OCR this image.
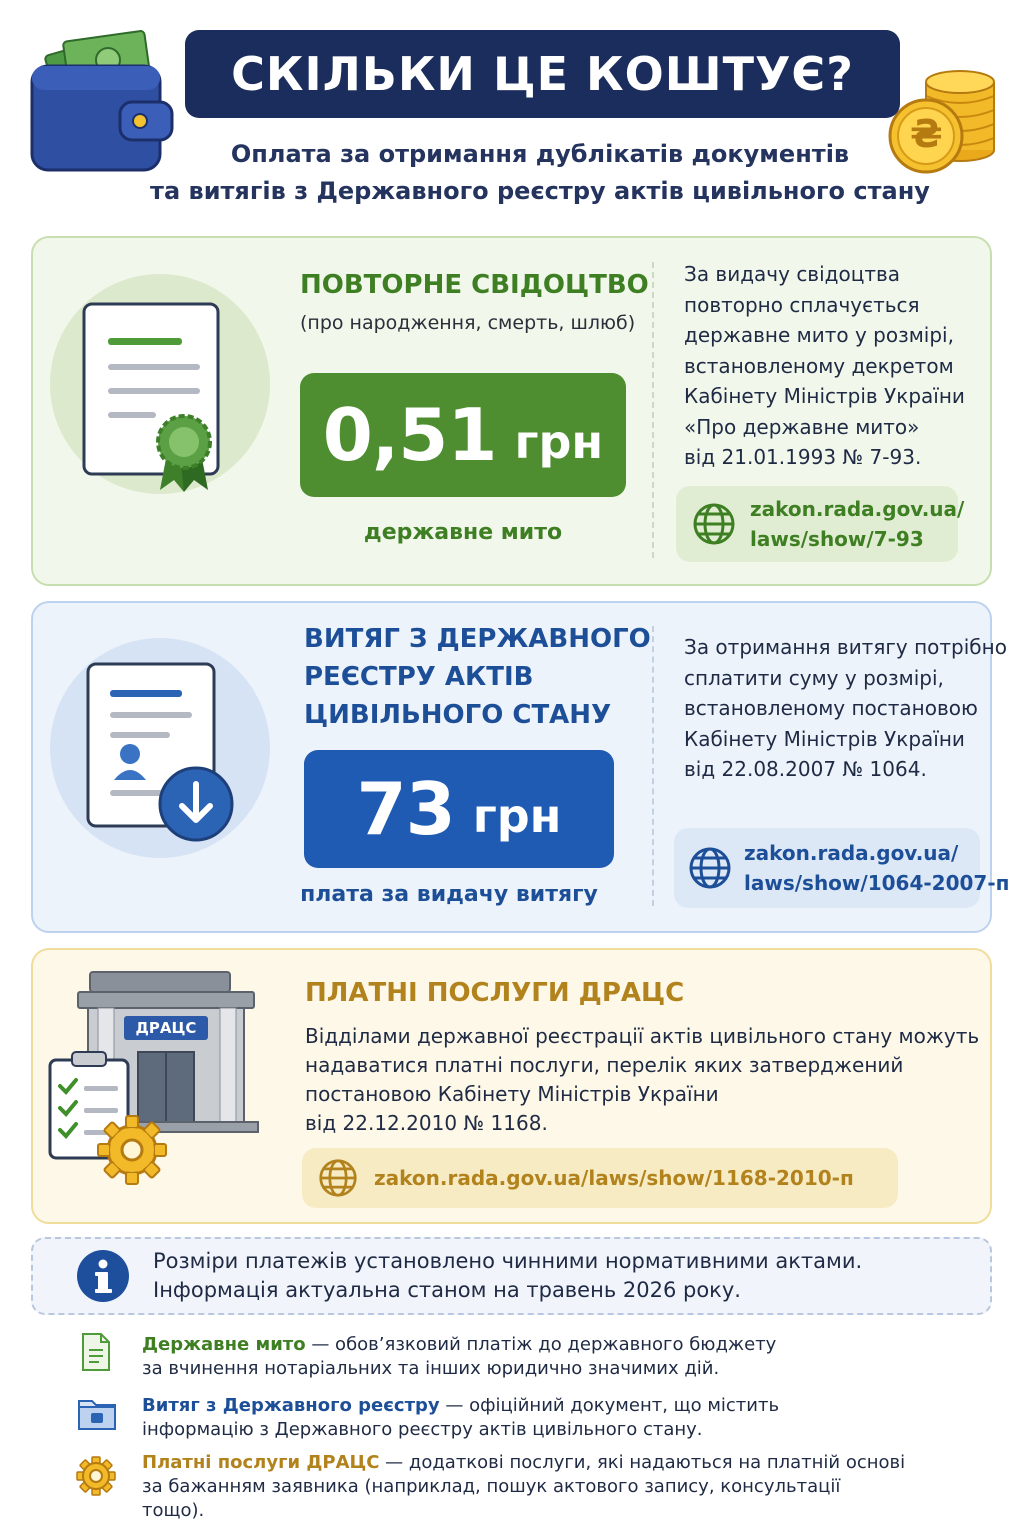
₴
СКІЛЬКИ ЦЕ КОШТУЄ?
Оплата за отримання дублікатів документів
та витягів з Державного реєстру актів цивільного стану
ПОВТОРНЕ СВІДОЦТВО
(про народження, смерть, шлюб)
0,51 грн
державне мито
За видачу свідоцтва
повторно сплачується
державне мито у розмірі,
встановленому декретом
Кабінету Міністрів України
«Про державне мито»
від 21.01.1993 № 7-93.
zakon.rada.gov.ua/
laws/show/7-93
ВИТЯГ З ДЕРЖАВНОГО
РЕЄСТРУ АКТІВ
ЦИВІЛЬНОГО СТАНУ
73 грн
плата за видачу витягу
За отримання витягу потрібно
сплатити суму у розмірі,
встановленому постановою
Кабінету Міністрів України
від 22.08.2007 № 1064.
zakon.rada.gov.ua/
laws/show/1064-2007-п
ДРАЦС
ПЛАТНІ ПОСЛУГИ ДРАЦС
Відділами державної реєстрації актів цивільного стану можуть
надаватися платні послуги, перелік яких затверджений
постановою Кабінету Міністрів України
від 22.12.2010 № 1168.
zakon.rada.gov.ua/laws/show/1168-2010-п
Розміри платежів установлено чинними нормативними актами.
Інформація актуальна станом на травень 2026 року.
Державне мито — обов’язковий платіж до державного бюджету
за вчинення нотаріальних та інших юридично значимих дій.
Витяг з Державного реєстру — офіційний документ, що містить
інформацію з Державного реєстру актів цивільного стану.
Платні послуги ДРАЦС — додаткові послуги, які надаються на платній основі
за бажанням заявника (наприклад, пошук актового запису, консультації
тощо).
